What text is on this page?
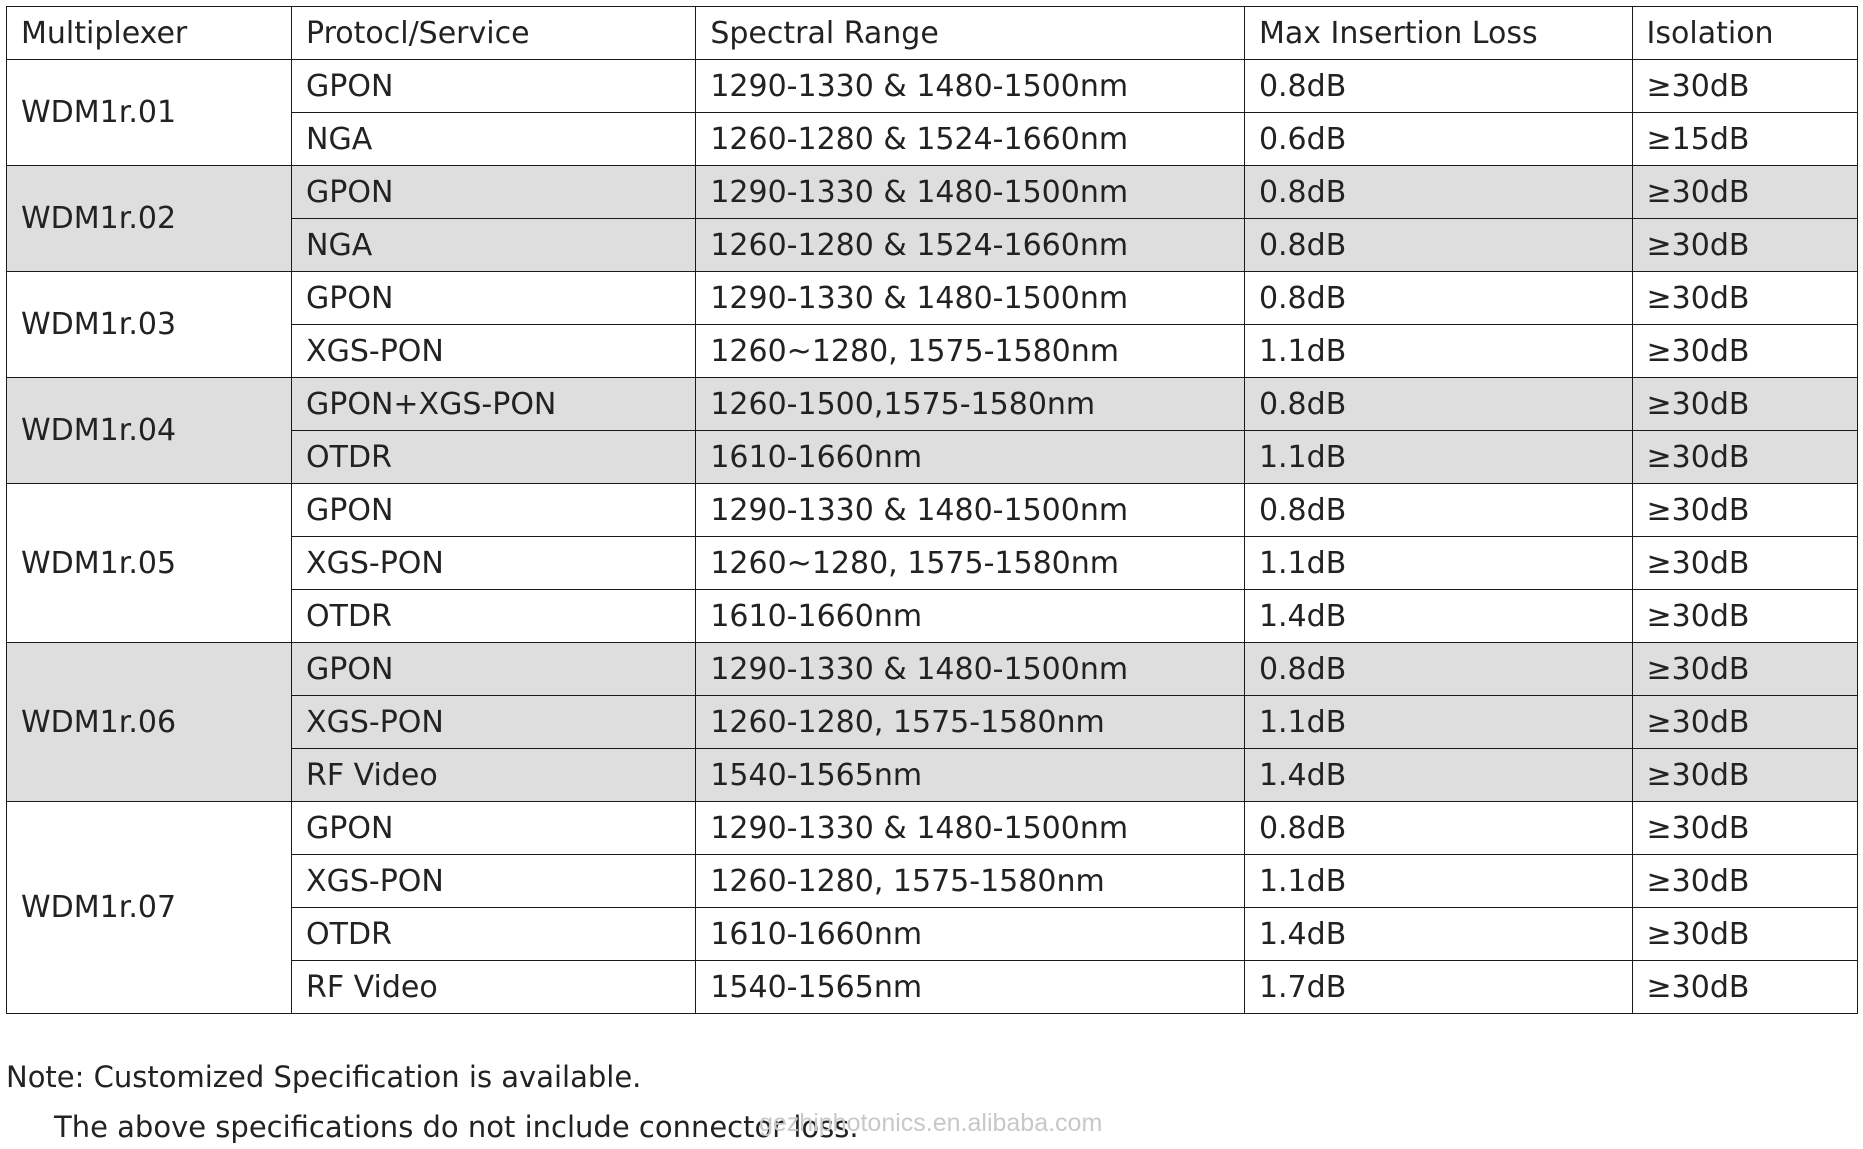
Multiplexer	Protocl/Service	Spectral Range	Max Insertion Loss	Isolation
WDM1r.01	GPON	1290-1330 & 1480-1500nm	0.8dB	≥30dB
	NGA	1260-1280 & 1524-1660nm	0.6dB	≥15dB
WDM1r.02	GPON	1290-1330 & 1480-1500nm	0.8dB	≥30dB
	NGA	1260-1280 & 1524-1660nm	0.8dB	≥30dB
WDM1r.03	GPON	1290-1330 & 1480-1500nm	0.8dB	≥30dB
	XGS-PON	1260~1280, 1575-1580nm	1.1dB	≥30dB
WDM1r.04	GPON+XGS-PON	1260-1500,1575-1580nm	0.8dB	≥30dB
	OTDR	1610-1660nm	1.1dB	≥30dB
WDM1r.05	GPON	1290-1330 & 1480-1500nm	0.8dB	≥30dB
	XGS-PON	1260~1280, 1575-1580nm	1.1dB	≥30dB
	OTDR	1610-1660nm	1.4dB	≥30dB
WDM1r.06	GPON	1290-1330 & 1480-1500nm	0.8dB	≥30dB
	XGS-PON	1260-1280, 1575-1580nm	1.1dB	≥30dB
	RF Video	1540-1565nm	1.4dB	≥30dB
WDM1r.07	GPON	1290-1330 & 1480-1500nm	0.8dB	≥30dB
	XGS-PON	1260-1280, 1575-1580nm	1.1dB	≥30dB
	OTDR	1610-1660nm	1.4dB	≥30dB
	RF Video	1540-1565nm	1.7dB	≥30dB
Note: Customized Specification is available.
The above specifications do not include connector loss.
gezhiphotonics.en.alibaba.com
